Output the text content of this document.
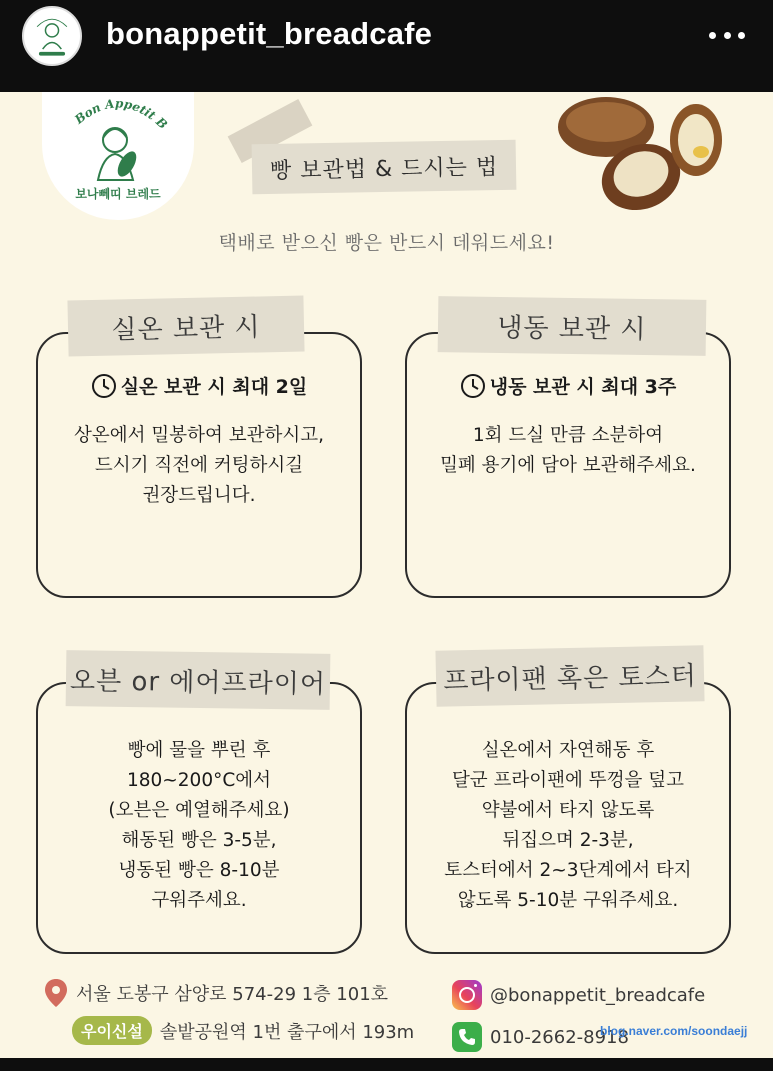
bonappetit_breadcafe
Bon Appetit B
보나뻬띠 브레드
빵 보관법 & 드시는 법
택배로 받으신 빵은 반드시 데워드세요!
실온 보관 시 최대 2일
상온에서 밀봉하여 보관하시고,
드시기 직전에 커팅하시길
권장드립니다.
실온 보관 시
냉동 보관 시 최대 3주
1회 드실 만큼 소분하여
밀폐 용기에 담아 보관해주세요.
냉동 보관 시
빵에 물을 뿌린 후
180~200°C에서
(오븐은 예열해주세요)
해동된 빵은 3-5분,
냉동된 빵은 8-10분
구워주세요.
오븐 or 에어프라이어
실온에서 자연해동 후
달군 프라이팬에 뚜껑을 덮고
약불에서 타지 않도록
뒤집으며 2-3분,
토스터에서 2~3단계에서 타지
않도록 5-10분 구워주세요.
프라이팬 혹은 토스터
서울 도봉구 삼양로 574-29 1층 101호
우이신설 솔밭공원역 1번 출구에서 193m
@bonappetit_breadcafe
010-2662-8918
blog.naver.com/soondaejj
